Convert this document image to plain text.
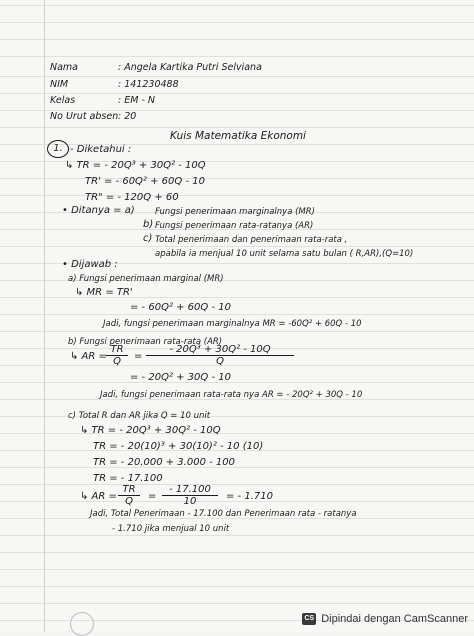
Nama	: Angela Kartika Putri Selviana
NIM	: 141230488
Kelas	: EM - N
No Urut absen : 20
Kuis Matematika Ekonomi
1. - Diketahui :
↳ TR = - 20Q³ + 30Q² - 10Q
TR' = - 60Q² + 60Q - 10
TR" = - 120Q + 60
• Ditanya = a) Fungsi penerimaan marginalnya (MR)
b) Fungsi penerimaan rata-ratanya (AR)
c) Total penerimaan dan penerimaan rata-rata ,
apabila ia menjual 10 unit selama satu bulan ( R,AR),(Q=10)
• Dijawab :
a) Fungsi penerimaan marginal (MR)
↳ MR = TR'
= - 60Q² + 60Q - 10
Jadi, fungsi penerimaan marginalnya MR = -60Q² + 60Q - 10
b) Fungsi penerimaan rata-rata (AR)
↳ AR = $\frac{TR}{Q} = \frac{\text{- 20Q³ + 30Q² - 10Q}}{Q}$
= - 20Q² + 30Q - 10
Jadi, fungsi penerimaan rata-rata nya AR = - 20Q² + 30Q - 10
c) Total R dan AR jika Q = 10 unit
↳ TR = - 20Q³ + 30Q² - 10Q
TR = - 20(10)³ + 30(10)² - 10 (10)
TR = - 20.000 + 3.000 - 100
TR = - 17.100
↳ AR = $\frac{TR}{Q} = \frac{- 17.100}{10}$ = - 1.710
Jadi, Total Penerimaan - 17.100 dan Penerimaan rata - ratanya
- 1.710 jika menjual 10 unit
CS Dipindai dengan CamScanner
